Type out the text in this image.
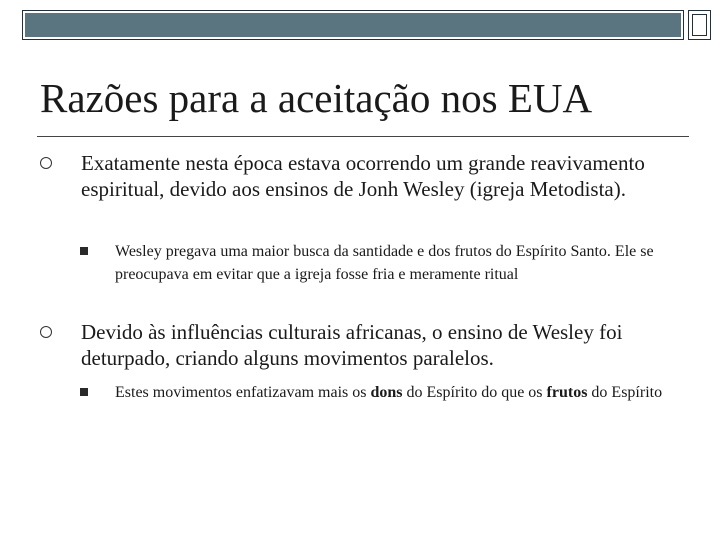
Razões para a aceitação nos EUA

Exatamente nesta época estava ocorrendo um grande reavivamento espiritual, devido aos ensinos de Jonh Wesley (igreja Metodista).

Wesley pregava uma maior busca da santidade e dos frutos do Espírito Santo. Ele se preocupava em evitar que a igreja fosse fria e meramente ritual

Devido às influências culturais africanas, o ensino de Wesley foi deturpado, criando alguns movimentos paralelos.

Estes movimentos enfatizavam mais os dons do Espírito do que os frutos do Espírito
